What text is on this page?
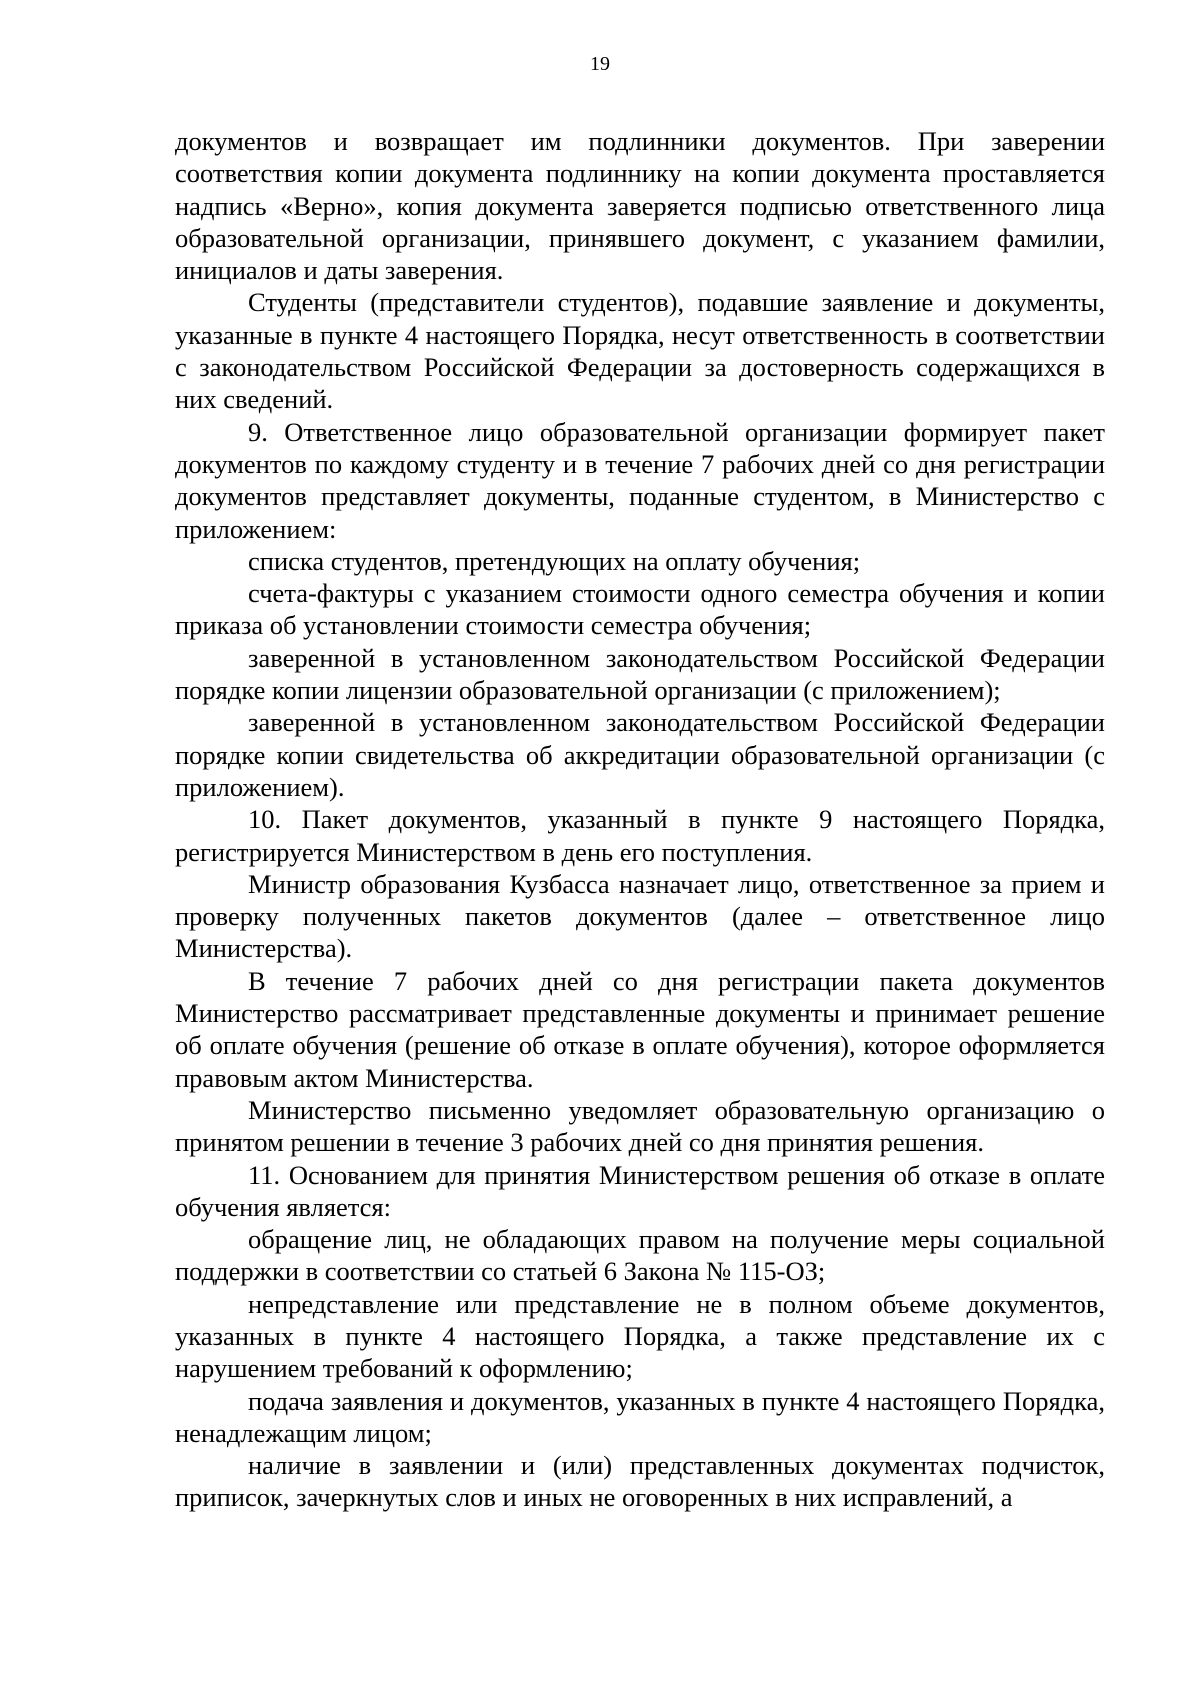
19

документов и возвращает им подлинники документов. При заверении соответствия копии документа подлиннику на копии документа проставляется надпись «Верно», копия документа заверяется подписью ответственного лица образовательной организации, принявшего документ, с указанием фамилии, инициалов и даты заверения.

Студенты (представители студентов), подавшие заявление и документы, указанные в пункте 4 настоящего Порядка, несут ответственность в соответствии с законодательством Российской Федерации за достоверность содержащихся в них сведений.

9. Ответственное лицо образовательной организации формирует пакет документов по каждому студенту и в течение 7 рабочих дней со дня регистрации документов представляет документы, поданные студентом, в Министерство с приложением:

списка студентов, претендующих на оплату обучения;

счета-фактуры с указанием стоимости одного семестра обучения и копии приказа об установлении стоимости семестра обучения;

заверенной в установленном законодательством Российской Федерации порядке копии лицензии образовательной организации (с приложением);

заверенной в установленном законодательством Российской Федерации порядке копии свидетельства об аккредитации образовательной организации (с приложением).

10. Пакет документов, указанный в пункте 9 настоящего Порядка, регистрируется Министерством в день его поступления.

Министр образования Кузбасса назначает лицо, ответственное за прием и проверку полученных пакетов документов (далее – ответственное лицо Министерства).

В течение 7 рабочих дней со дня регистрации пакета документов Министерство рассматривает представленные документы и принимает решение об оплате обучения (решение об отказе в оплате обучения), которое оформляется правовым актом Министерства.

Министерство письменно уведомляет образовательную организацию о принятом решении в течение 3 рабочих дней со дня принятия решения.

11. Основанием для принятия Министерством решения об отказе в оплате обучения является:

обращение лиц, не обладающих правом на получение меры социальной поддержки в соответствии со статьей 6 Закона № 115-ОЗ;

непредставление или представление не в полном объеме документов, указанных в пункте 4 настоящего Порядка, а также представление их с нарушением требований к оформлению;

подача заявления и документов, указанных в пункте 4 настоящего Порядка, ненадлежащим лицом;

наличие в заявлении и (или) представленных документах подчисток, приписок, зачеркнутых слов и иных не оговоренных в них исправлений, а
